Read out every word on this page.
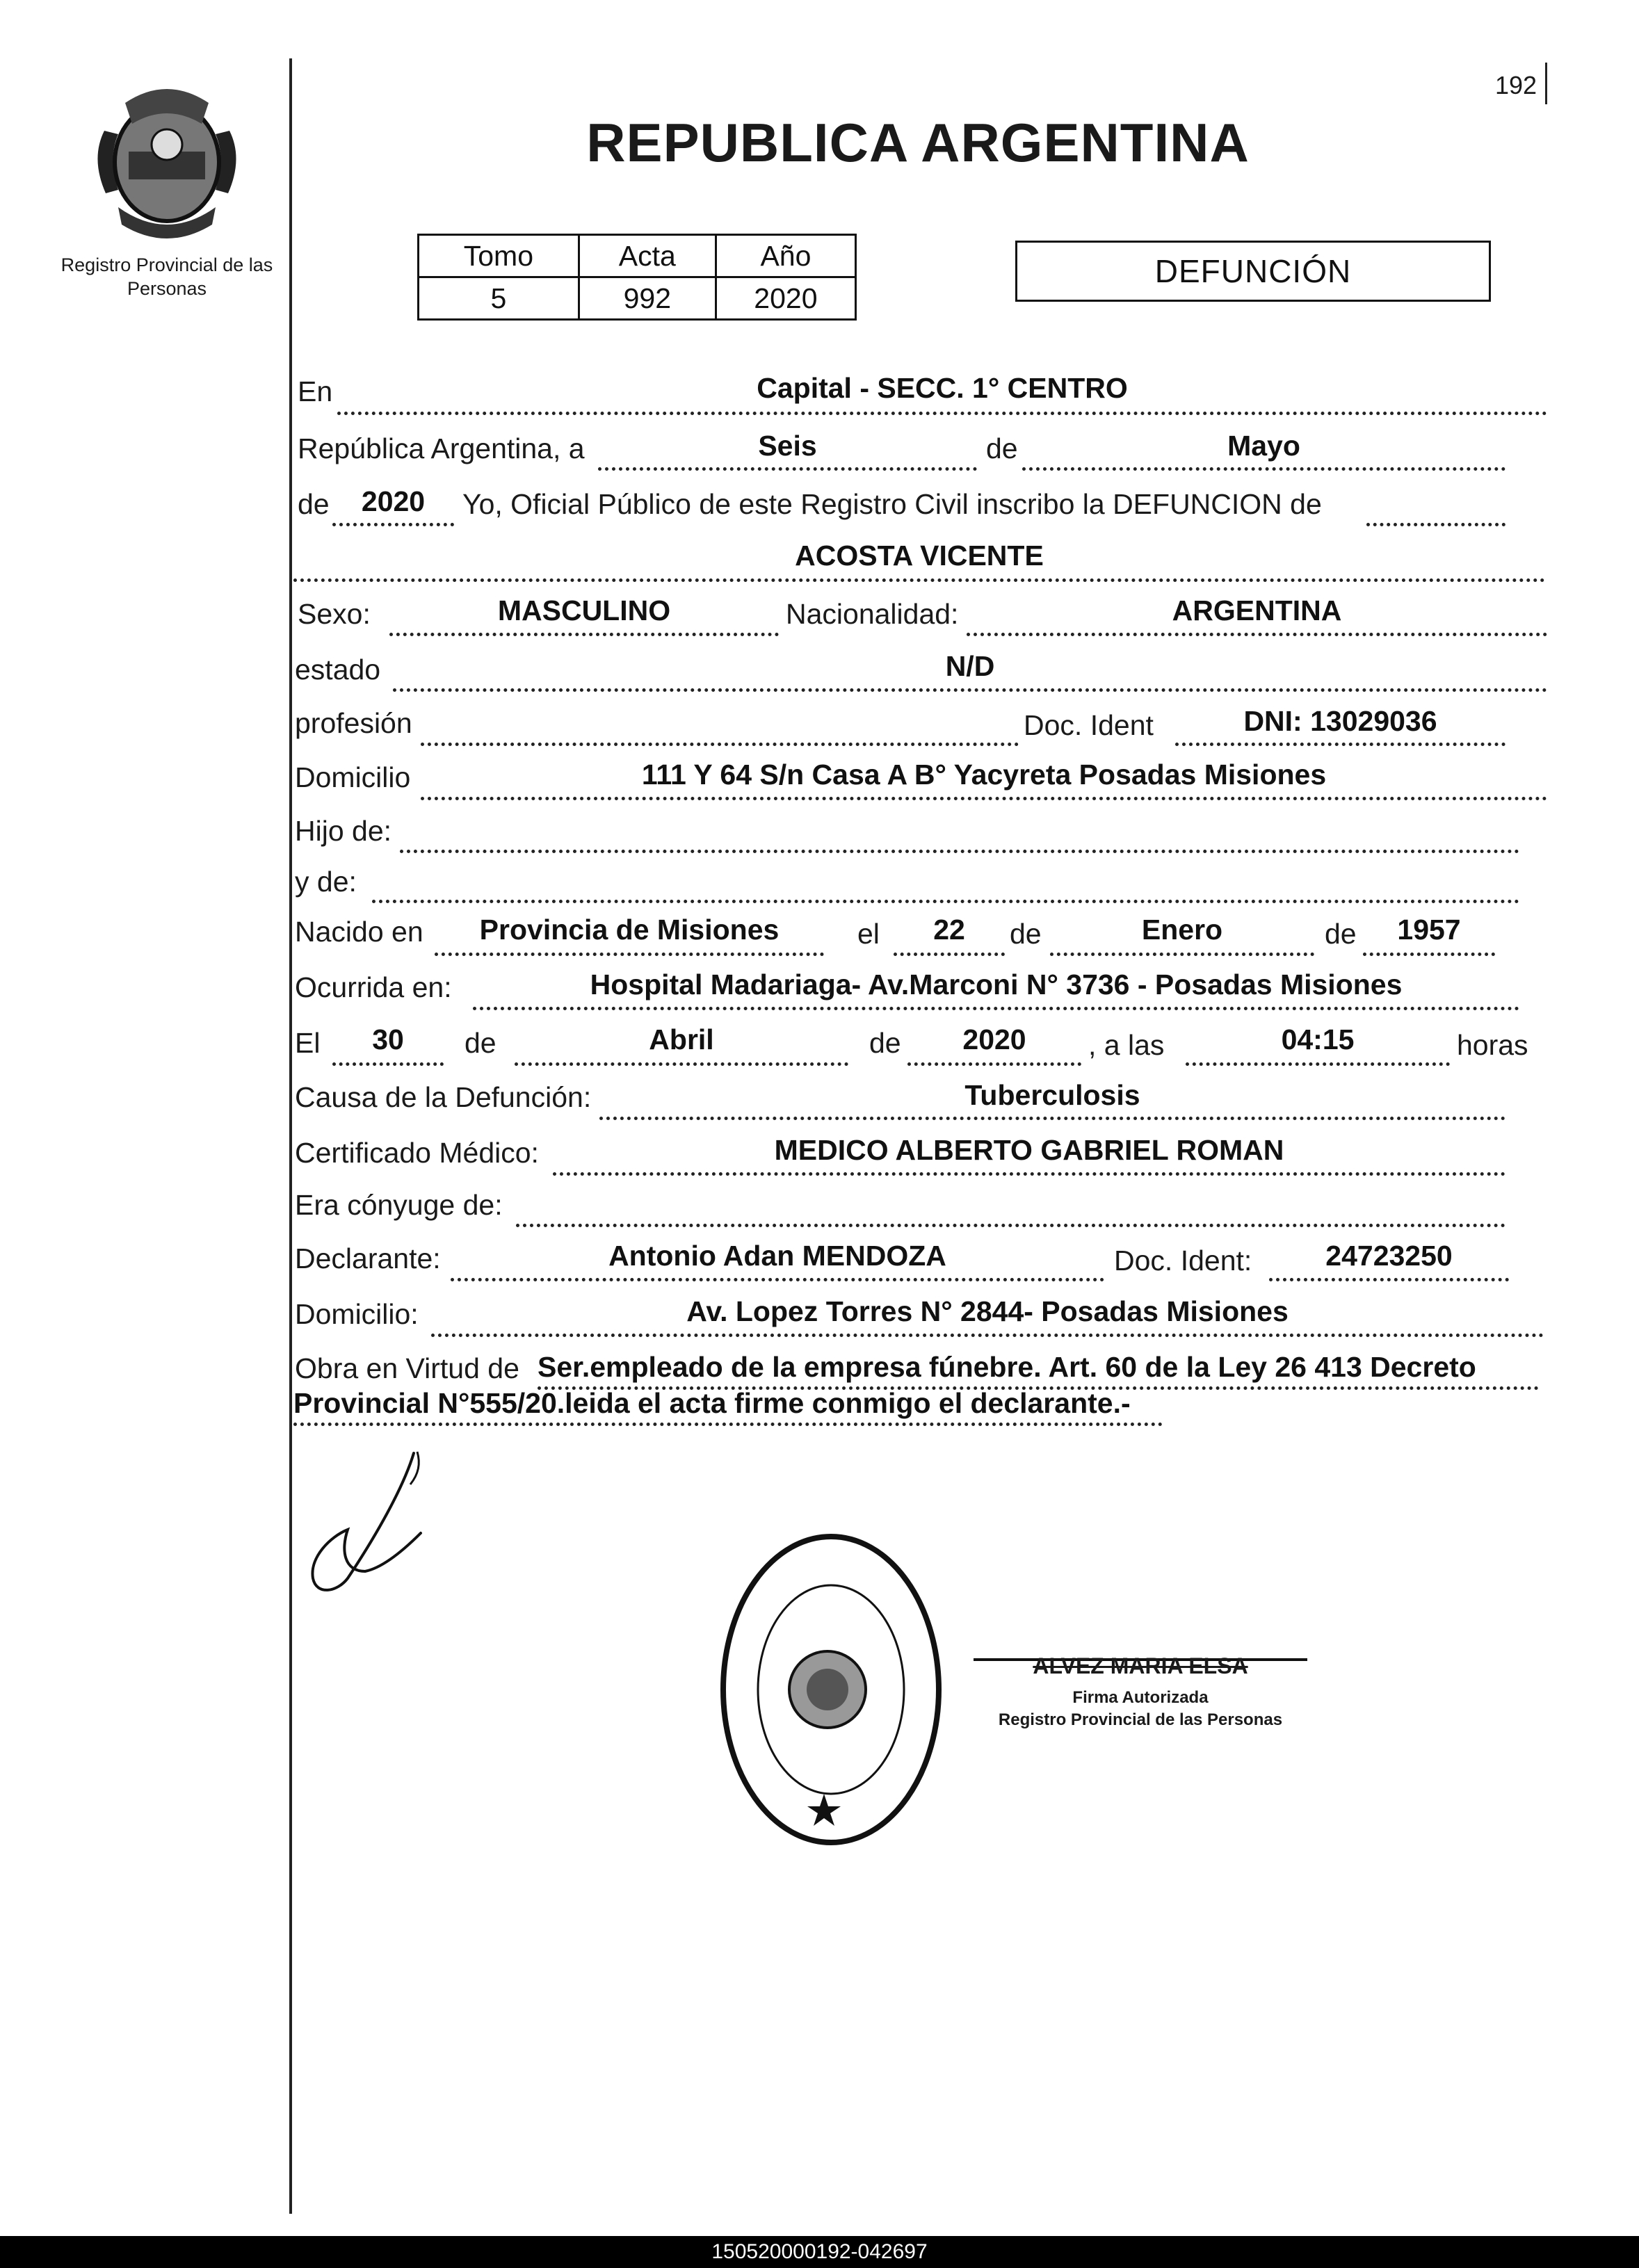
192
Registro Provincial de las Personas
REPUBLICA ARGENTINA
Tomo	Acta	Año
5	992	2020
DEFUNCIÓN
En	Capital - SECC. 1° CENTRO
República Argentina, a	Seis	de	Mayo
de	2020	Yo, Oficial Público de este Registro Civil inscribo la DEFUNCION de
ACOSTA VICENTE
Sexo:	MASCULINO	Nacionalidad:	ARGENTINA
estado	N/D
profesión	Doc. Ident	DNI: 13029036
Domicilio	111 Y 64 S/n Casa A B° Yacyreta Posadas Misiones
Hijo de:
y de:
Nacido en	Provincia de Misiones	el	22	de	Enero	de	1957
Ocurrida en:	Hospital Madariaga- Av.Marconi N° 3736 - Posadas Misiones
El	30	de	Abril	de	2020	, a las	04:15	horas
Causa de la Defunción:	Tuberculosis
Certificado Médico:	MEDICO ALBERTO GABRIEL ROMAN
Era cónyuge de:
Declarante:	Antonio Adan MENDOZA	Doc. Ident:	24723250
Domicilio:	Av. Lopez Torres N° 2844- Posadas Misiones
Obra en Virtud de Ser.empleado de la empresa fúnebre. Art. 60 de la Ley 26 413 Decreto
Provincial N°555/20.leida el acta firme conmigo el declarante.-
ALVEZ MARIA ELSA
Firma Autorizada
Registro Provincial de las Personas
150520000192-042697
